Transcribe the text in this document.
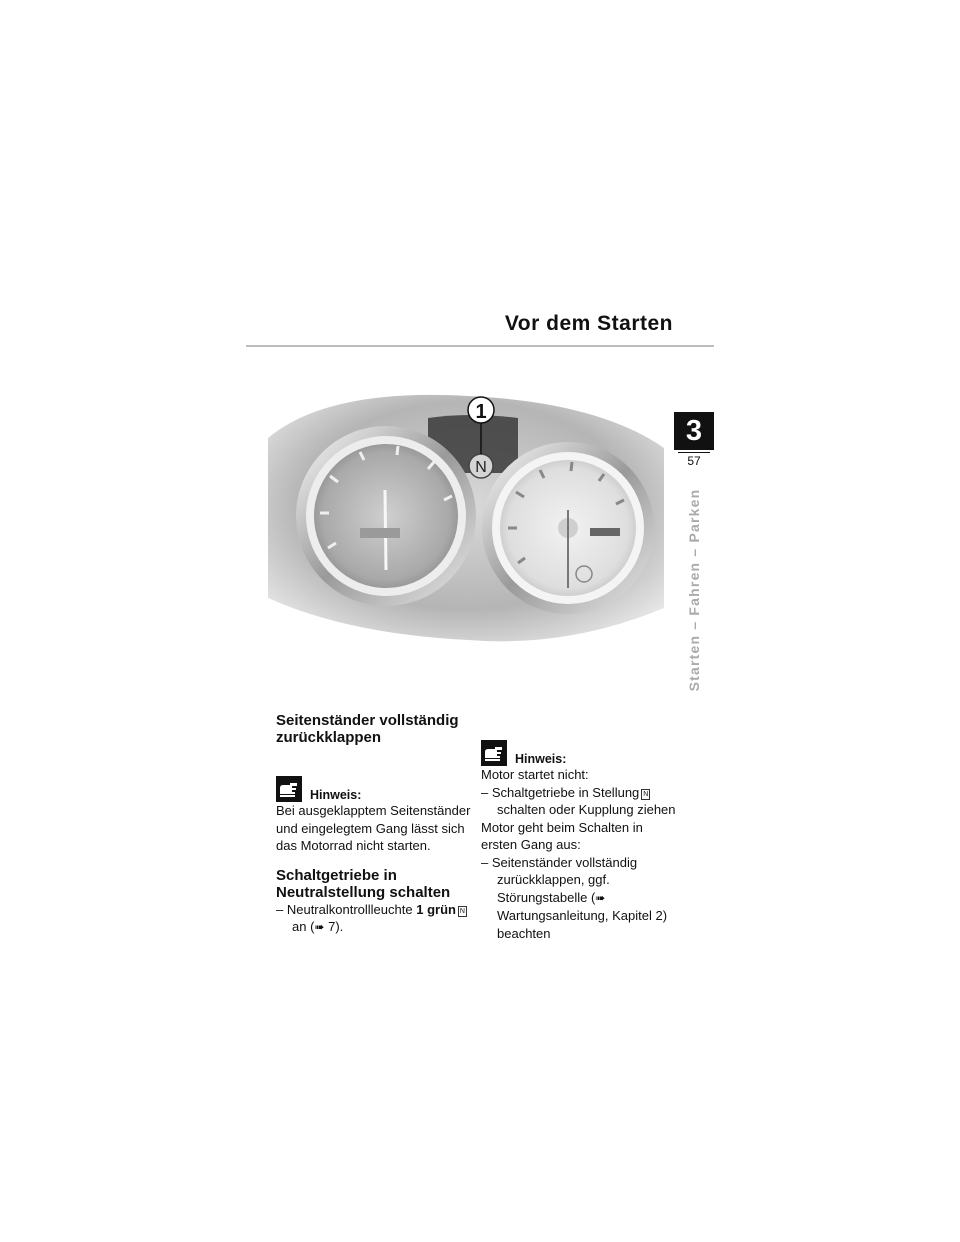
Vor dem Starten
3
57
Starten – Fahren – Parken
N
1
Seitenständer vollständig zurückklappen
Hinweis:

Bei ausgeklapptem Seitenständer und eingelegtem Gang lässt sich das Motorrad nicht starten.

Schaltgetriebe in Neutralstellung schalten

– Neutralkontrollleuchte 1 grün Nan (➠ 7).

Hinweis:

Motor startet nicht:

– Schaltgetriebe in Stellung N schalten oder Kupplung ziehen

Motor geht beim Schalten in ersten Gang aus:

– Seitenständer vollständig zurückklappen, ggf. Störungstabelle (➠ Wartungsanleitung, Kapitel 2) beachten
